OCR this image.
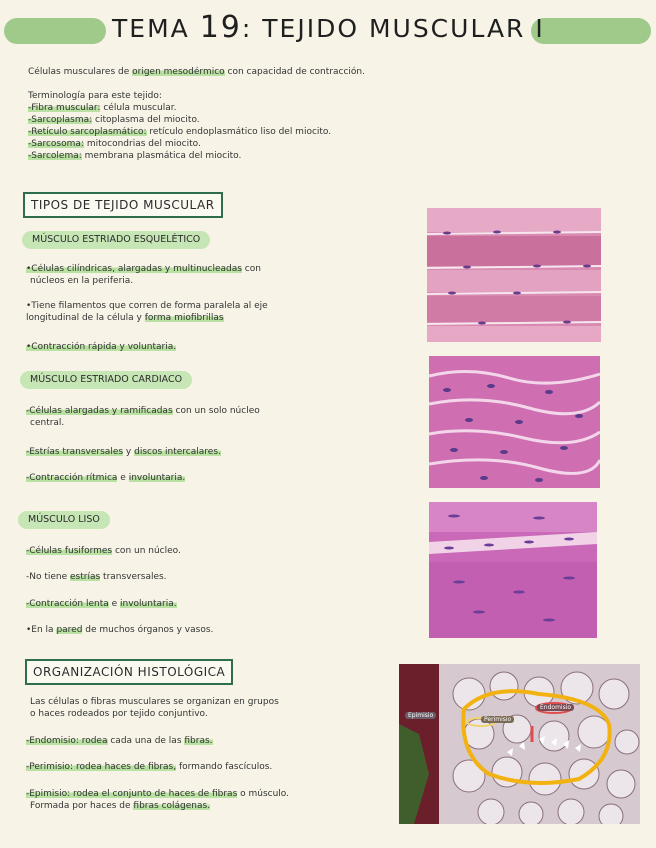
TEMA 19: TEJIDO MUSCULAR I
Células musculares de origen mesodérmico con capacidad de contracción.
Terminología para este tejido:
-Fibra muscular: célula muscular.
-Sarcoplasma: citoplasma del miocito.
-Retículo sarcoplasmático: retículo endoplasmático liso del miocito.
-Sarcosoma: mitocondrias del miocito.
-Sarcolema: membrana plasmática del miocito.
TIPOS DE TEJIDO MUSCULAR
MÚSCULO ESTRIADO ESQUELÉTICO
•Células cilíndricas, alargadas y multinucleadas con
núcleos en la periferia.
•Tiene filamentos que corren de forma paralela al eje
longitudinal de la célula y forma miofibrillas
•Contracción rápida y voluntaria.
MÚSCULO ESTRIADO CARDIACO
-Células alargadas y ramificadas con un solo núcleo
central.
-Estrías transversales y discos intercalares.
-Contracción rítmica e involuntaria.
MÚSCULO LISO
-Células fusiformes con un núcleo.
-No tiene estrías transversales.
-Contracción lenta e involuntaria.
•En la pared de muchos órganos y vasos.
ORGANIZACIÓN HISTOLÓGICA
Las células o fibras musculares se organizan en grupos
o haces rodeados por tejido conjuntivo.
-Endomisio: rodea cada una de las fibras.
-Perimisio: rodea haces de fibras, formando fascículos.
-Epimisio: rodea el conjunto de haces de fibras o músculo.
Formada por haces de fibras colágenas.
Epimisio
Perimisio
Endomisio
